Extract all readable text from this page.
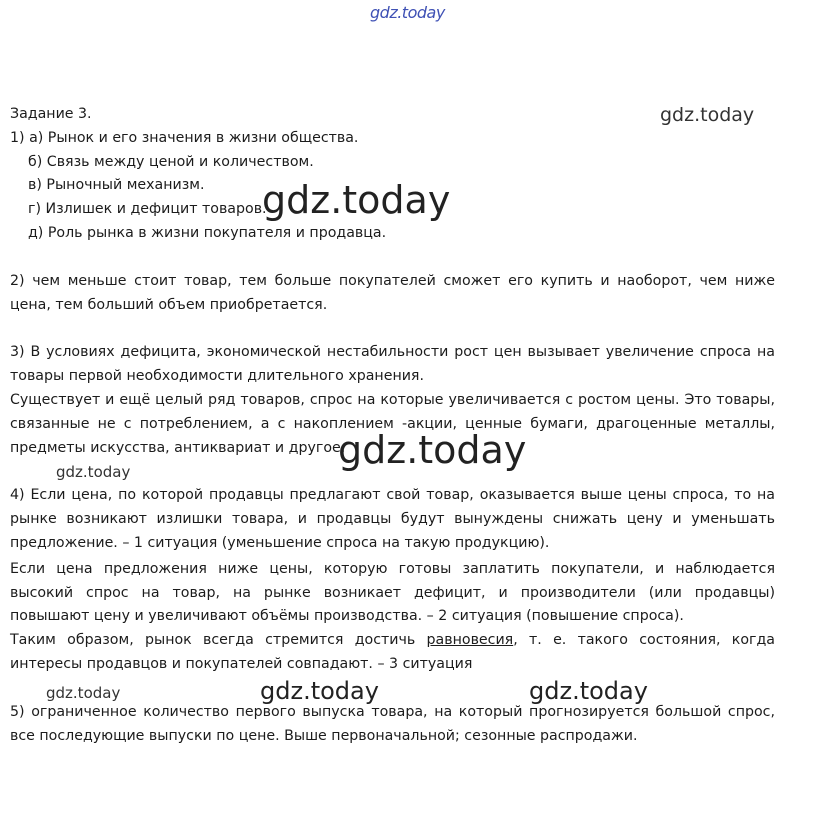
gdz.today
gdz.today
Задание 3.
1) а) Рынок и его значения в жизни общества.
б) Связь между ценой и количеством.
в) Рыночный механизм.
г) Излишек и дефицит товаров.
д) Роль рынка в жизни покупателя и продавца.
2) чем меньше стоит товар, тем больше покупателей сможет его купить и наоборот, чем ниже
цена, тем больший объем приобретается.
3) В условиях дефицита, экономической нестабильности рост цен вызывает увеличение спроса на
товары первой необходимости длительного хранения.
Существует и ещё целый ряд товаров, спрос на которые увеличивается с ростом цены. Это товары,
связанные не с потреблением, а с накоплением -акции, ценные бумаги, драгоценные металлы,
предметы искусства, антиквариат и другое.
4) Если цена, по которой продавцы предлагают свой товар, оказывается выше цены спроса, то на
рынке возникают излишки товара, и продавцы будут вынуждены снижать цену и уменьшать
предложение. – 1 ситуация (уменьшение спроса на такую продукцию).
Если цена предложения ниже цены, которую готовы заплатить покупатели, и наблюдается
высокий спрос на товар, на рынке возникает дефицит, и производители (или продавцы)
повышают цену и увеличивают объёмы производства. – 2 ситуация (повышение спроса).
Таким образом, рынок всегда стремится достичь равновесия, т. е. такого состояния, когда
интересы продавцов и покупателей совпадают. – 3 ситуация
5) ограниченное количество первого выпуска товара, на который прогнозируется большой спрос,
все последующие выпуски по цене. Выше первоначальной; сезонные распродажи.
gdz.today
gdz.today
gdz.today
gdz.today	gdz.today	gdz.today
